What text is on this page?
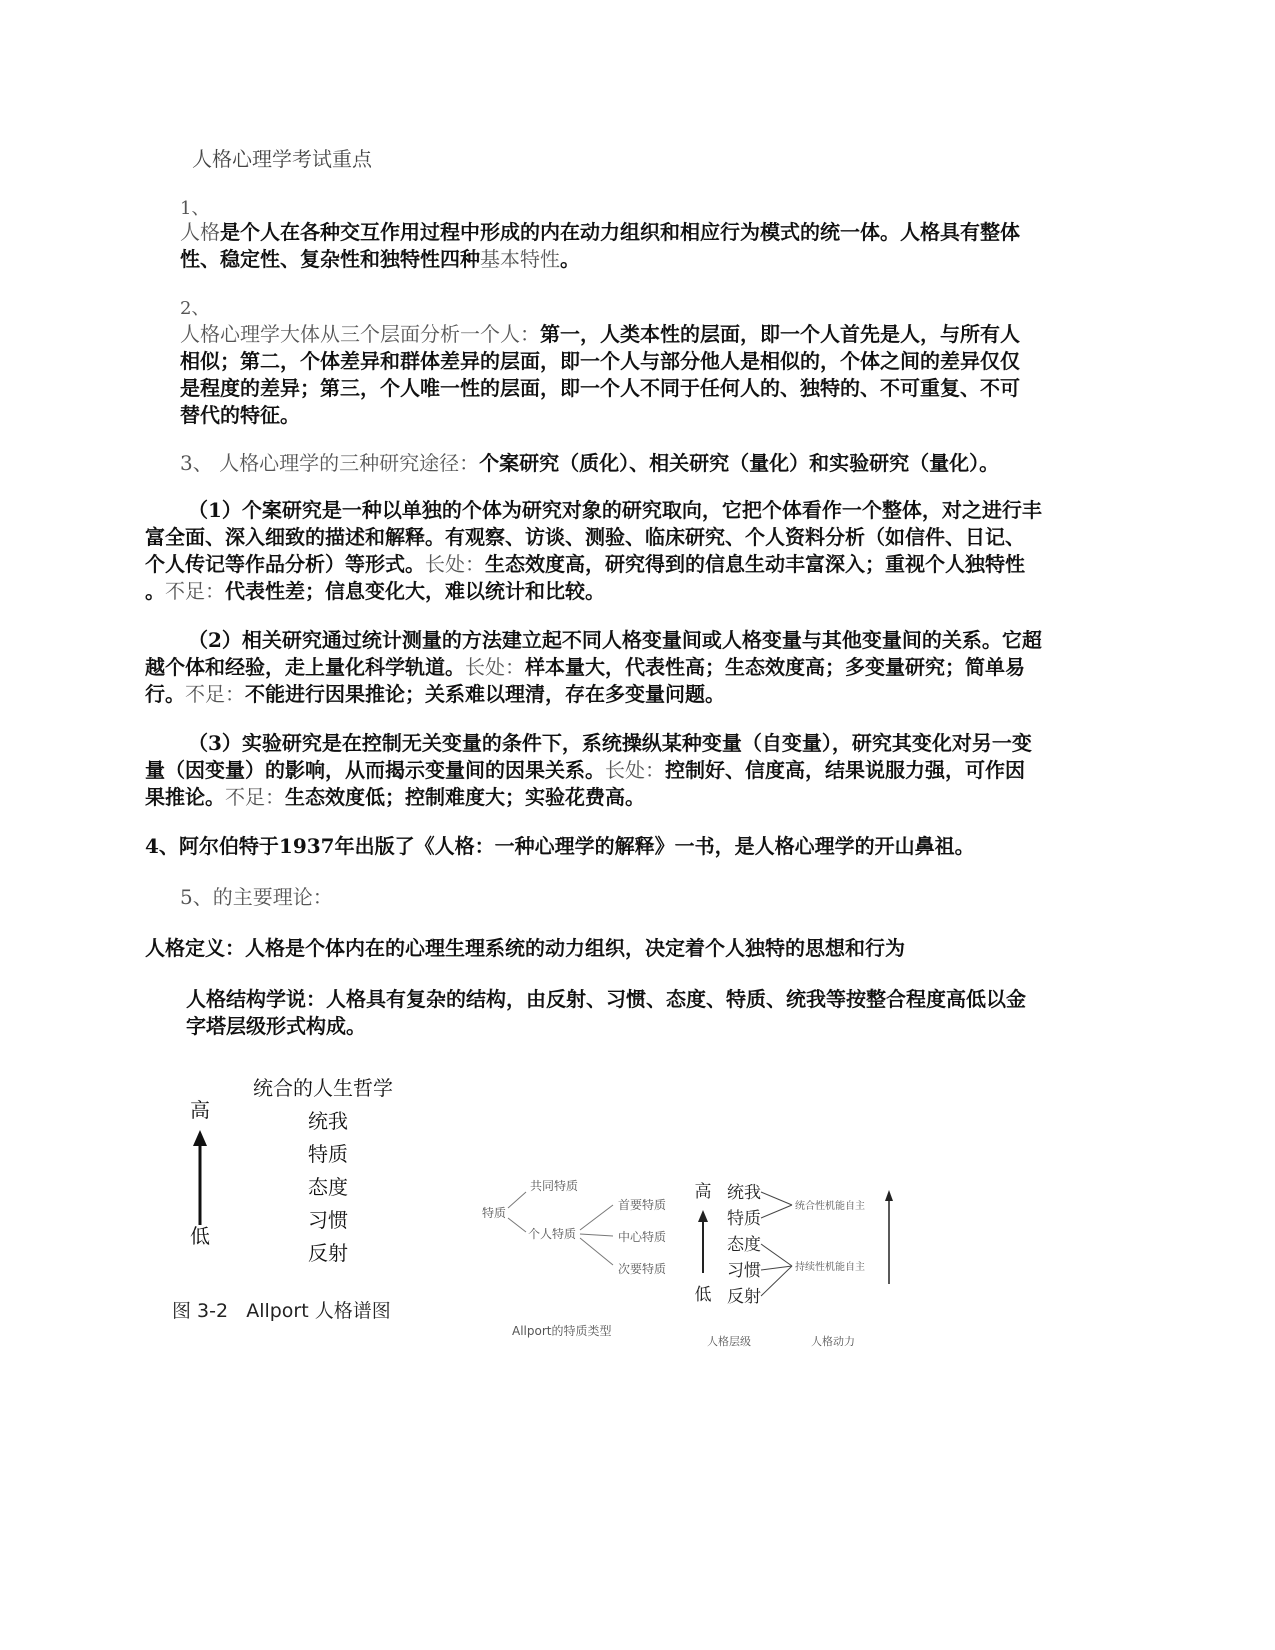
人格心理学考试重点
1、
人格是个人在各种交互作用过程中形成的内在动力组织和相应行为模式的统一体。人格具有整体
性、稳定性、复杂性和独特性四种基本特性。
2、
人格心理学大体从三个层面分析一个人：第一，人类本性的层面，即一个人首先是人，与所有人
相似；第二，个体差异和群体差异的层面，即一个人与部分他人是相似的，个体之间的差异仅仅
是程度的差异；第三，个人唯一性的层面，即一个人不同于任何人的、独特的、不可重复、不可
替代的特征。
3、 人格心理学的三种研究途径：个案研究（质化）、相关研究（量化）和实验研究（量化）。
（1）个案研究是一种以单独的个体为研究对象的研究取向，它把个体看作一个整体，对之进行丰
富全面、深入细致的描述和解释。有观察、访谈、测验、临床研究、个人资料分析（如信件、日记、
个人传记等作品分析）等形式。长处：生态效度高，研究得到的信息生动丰富深入；重视个人独特性
。不足：代表性差；信息变化大，难以统计和比较。
（2）相关研究通过统计测量的方法建立起不同人格变量间或人格变量与其他变量间的关系。它超
越个体和经验，走上量化科学轨道。长处：样本量大，代表性高；生态效度高；多变量研究；简单易
行。不足：不能进行因果推论；关系难以理清，存在多变量问题。
（3）实验研究是在控制无关变量的条件下，系统操纵某种变量（自变量），研究其变化对另一变
量（因变量）的影响，从而揭示变量间的因果关系。长处：控制好、信度高，结果说服力强，可作因
果推论。不足：生态效度低；控制难度大；实验花费高。
4、阿尔伯特于1937年出版了《人格：一种心理学的解释》一书，是人格心理学的开山鼻祖。
5、的主要理论：
人格定义：人格是个体内在的心理生理系统的动力组织，决定着个人独特的思想和行为
人格结构学说：人格具有复杂的结构，由反射、习惯、态度、特质、统我等按整合程度高低以金
字塔层级形式构成。
高
低
统合的人生哲学
统我
特质
态度
习惯
反射
图 3-2   Allport 人格谱图
特质
共同特质
个人特质
首要特质
中心特质
次要特质
Allport的特质类型
高
低
统我
特质
态度
习惯
反射
统合性机能自主
持续性机能自主
人格层级	人格动力
